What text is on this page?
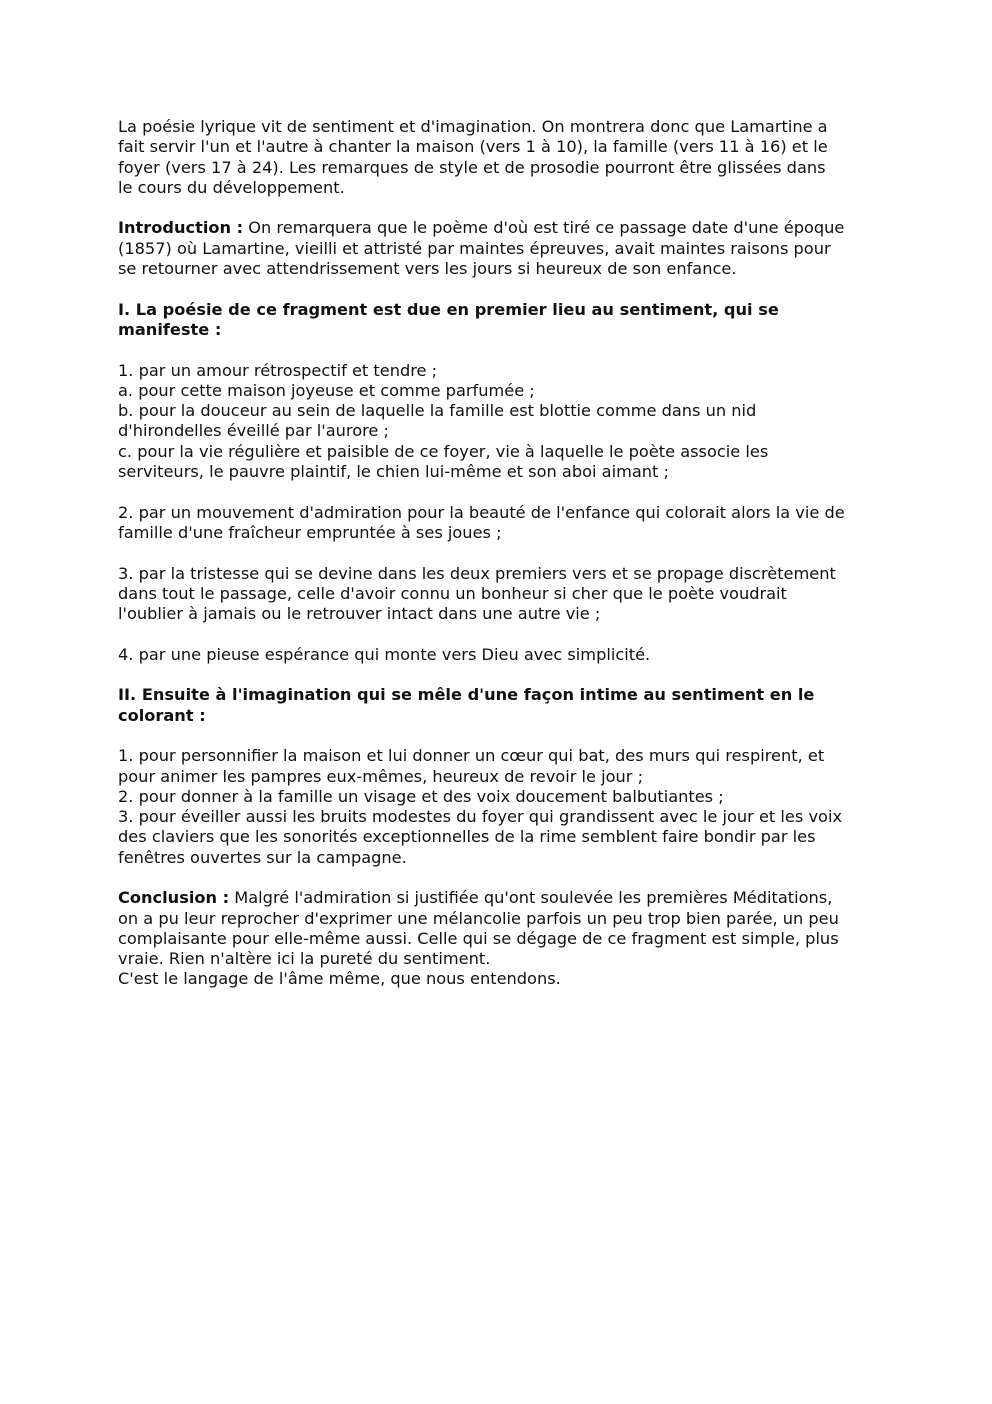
La poésie lyrique vit de sentiment et d'imagination. On montrera donc que Lamartine a
fait servir l'un et l'autre à chanter la maison (vers 1 à 10), la famille (vers 11 à 16) et le
foyer (vers 17 à 24). Les remarques de style et de prosodie pourront être glissées dans
le cours du développement.

Introduction : On remarquera que le poème d'où est tiré ce passage date d'une époque
(1857) où Lamartine, vieilli et attristé par maintes épreuves, avait maintes raisons pour
se retourner avec attendrissement vers les jours si heureux de son enfance.

I. La poésie de ce fragment est due en premier lieu au sentiment, qui se
manifeste :

1. par un amour rétrospectif et tendre ;
a. pour cette maison joyeuse et comme parfumée ;
b. pour la douceur au sein de laquelle la famille est blottie comme dans un nid
d'hirondelles éveillé par l'aurore ;
c. pour la vie régulière et paisible de ce foyer, vie à laquelle le poète associe les
serviteurs, le pauvre plaintif, le chien lui-même et son aboi aimant ;

2. par un mouvement d'admiration pour la beauté de l'enfance qui colorait alors la vie de
famille d'une fraîcheur empruntée à ses joues ;

3. par la tristesse qui se devine dans les deux premiers vers et se propage discrètement
dans tout le passage, celle d'avoir connu un bonheur si cher que le poète voudrait
l'oublier à jamais ou le retrouver intact dans une autre vie ;

4. par une pieuse espérance qui monte vers Dieu avec simplicité.

II. Ensuite à l'imagination qui se mêle d'une façon intime au sentiment en le
colorant :

1. pour personnifier la maison et lui donner un cœur qui bat, des murs qui respirent, et
pour animer les pampres eux-mêmes, heureux de revoir le jour ;
2. pour donner à la famille un visage et des voix doucement balbutiantes ;
3. pour éveiller aussi les bruits modestes du foyer qui grandissent avec le jour et les voix
des claviers que les sonorités exceptionnelles de la rime semblent faire bondir par les
fenêtres ouvertes sur la campagne.

Conclusion : Malgré l'admiration si justifiée qu'ont soulevée les premières Méditations,
on a pu leur reprocher d'exprimer une mélancolie parfois un peu trop bien parée, un peu
complaisante pour elle-même aussi. Celle qui se dégage de ce fragment est simple, plus
vraie. Rien n'altère ici la pureté du sentiment.
C'est le langage de l'âme même, que nous entendons.
